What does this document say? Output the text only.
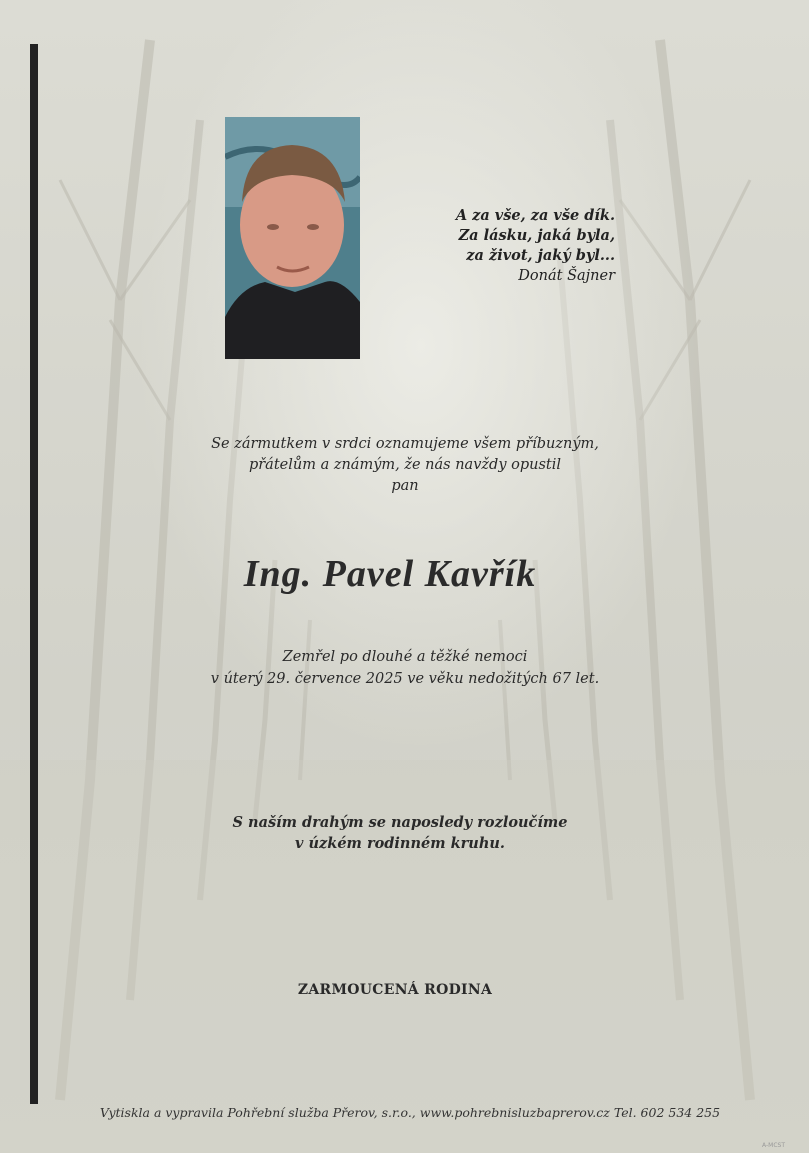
A za vše, za vše dík.
Za lásku, jaká byla,
za život, jaký byl...
Donát Šajner
Se zármutkem v srdci oznamujeme všem příbuzným,
přátelům a známým, že nás navždy opustil
pan
Ing. Pavel Kavřík
Zemřel po dlouhé a těžké nemoci
v úterý 29. července 2025 ve věku nedožitých 67 let.
S naším drahým se naposledy rozloučíme
v úzkém rodinném kruhu.
ZARMOUCENÁ RODINA
Vytiskla a vypravila Pohřební služba Přerov, s.r.o., www.pohrebnisluzbaprerov.cz Tel. 602 534 255
A-MCST
